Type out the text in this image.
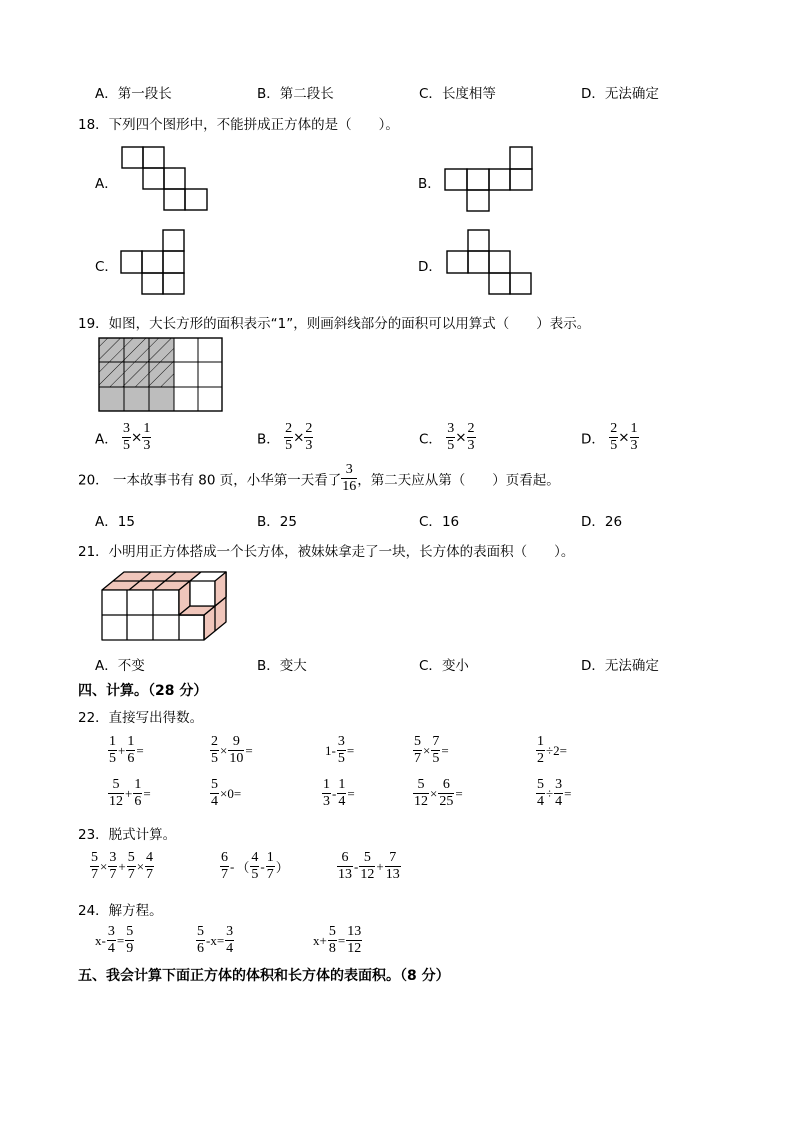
A．第一段长	B．第二段长	C．长度相等	D．无法确定
18．下列四个图形中，不能拼成正方体的是（　　）。
A．	B．
C．	D．
19．如图，大长方形的面积表示“1”，则画斜线部分的面积可以用算式（　　）表示。
A． $\frac{3}{5} \times \frac{1}{3}$	B． $\frac{2}{5} \times \frac{2}{3}$	C． $\frac{3}{5} \times \frac{2}{3}$	D． $\frac{2}{5} \times \frac{1}{3}$
20． 一本故事书有 80 页，小华第一天看了 $\frac{3}{16}$ ，第二天应从第（　　）页看起。
A．15	B．25	C．16	D．26
21．小明用正方体搭成一个长方体，被妹妹拿走了一块，长方体的表面积（　　）。
A．不变	B．变大	C．变小	D．无法确定
四、计算。（28 分）
22．直接写出得数。
$\frac{1}{5} + \frac{1}{6}$ =	$\frac{2}{5} \times \frac{9}{10}$ =	$1- \frac{3}{5}$ =	$\frac{5}{7} \times \frac{7}{5}$ =	$\frac{1}{2} \div 2=$
$\frac{5}{12} + \frac{1}{6}$ =	$\frac{5}{4} \times 0=$	$\frac{1}{3} - \frac{1}{4}$ =	$\frac{5}{12} \times \frac{6}{25}$ =	$\frac{5}{4} \div \frac{3}{4}$ =
23．脱式计算。
$\frac{5}{7} \times \frac{3}{7} + \frac{5}{7} \times \frac{4}{7}$	$\frac{6}{7}$ - （ $\frac{4}{5} - \frac{1}{7}$ ）	$\frac{6}{13} - \frac{5}{12} + \frac{7}{13}$
24．解方程。
$x- \frac{3}{4} = \frac{5}{9}$	$\frac{5}{6} -x= \frac{3}{4}$	$x+ \frac{5}{8} = \frac{13}{12}$
五、我会计算下面正方体的体积和长方体的表面积。（8 分）
